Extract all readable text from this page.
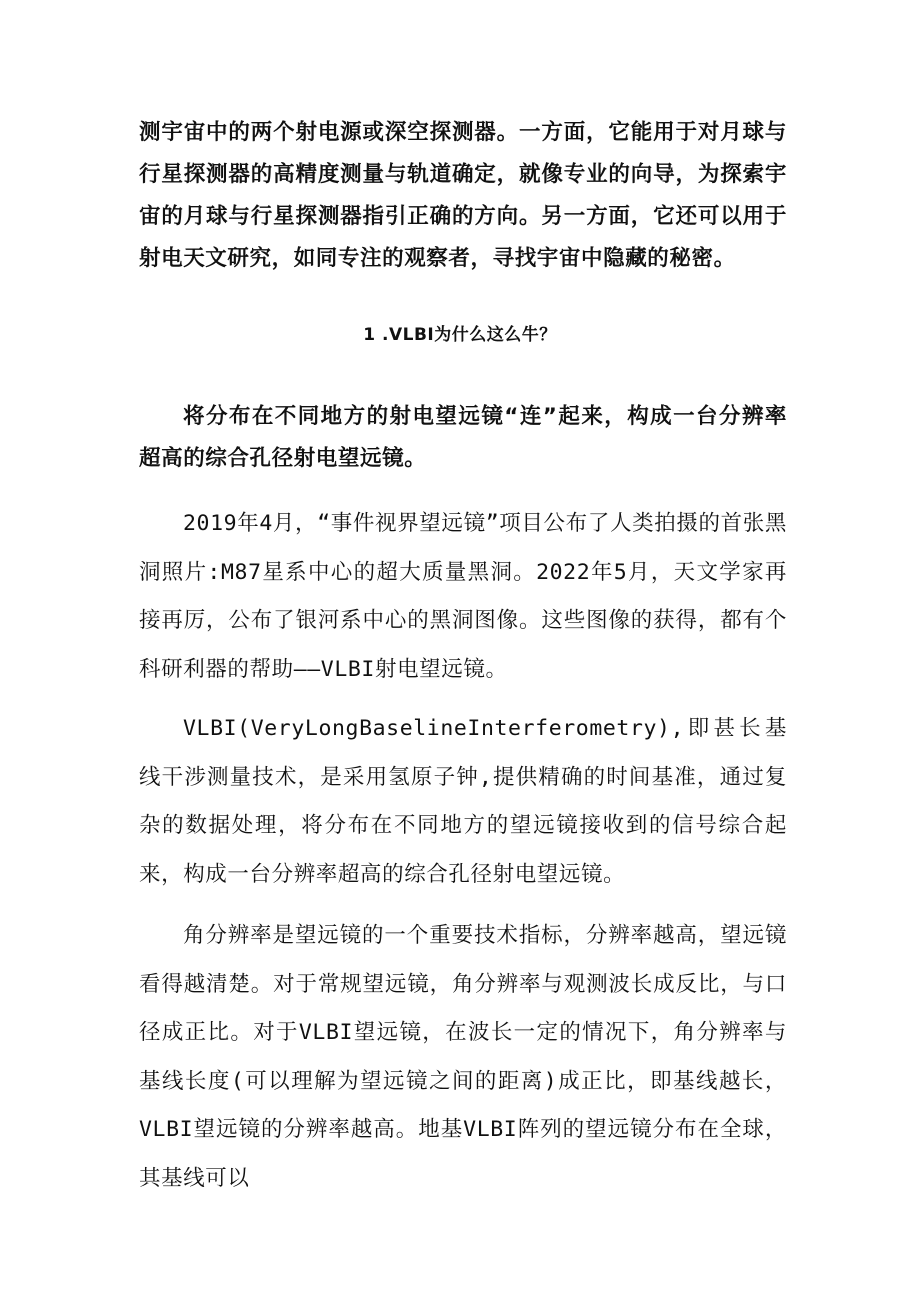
测宇宙中的两个射电源或深空探测器。一方面，它能用于对月球与行星探测器的高精度测量与轨道确定，就像专业的向导，为探索宇宙的月球与行星探测器指引正确的方向。另一方面，它还可以用于射电天文研究，如同专注的观察者，寻找宇宙中隐藏的秘密。

1 .VLBI为什么这么牛？

将分布在不同地方的射电望远镜“连”起来，构成一台分辨率超高的综合孔径射电望远镜。

2019年4月，“事件视界望远镜”项目公布了人类拍摄的首张黑洞照片:M87星系中心的超大质量黑洞。2022年5月，天文学家再接再厉，公布了银河系中心的黑洞图像。这些图像的获得，都有个科研利器的帮助——VLBI射电望远镜。

VLBI(VeryLongBaselineInterferometry),即甚长基线干涉测量技术，是采用氢原子钟,提供精确的时间基准，通过复杂的数据处理，将分布在不同地方的望远镜接收到的信号综合起来，构成一台分辨率超高的综合孔径射电望远镜。

角分辨率是望远镜的一个重要技术指标，分辨率越高，望远镜看得越清楚。对于常规望远镜，角分辨率与观测波长成反比，与口径成正比。对于VLBI望远镜，在波长一定的情况下，角分辨率与基线长度(可以理解为望远镜之间的距离)成正比，即基线越长，VLBI望远镜的分辨率越高。地基VLBI阵列的望远镜分布在全球，其基线可以
